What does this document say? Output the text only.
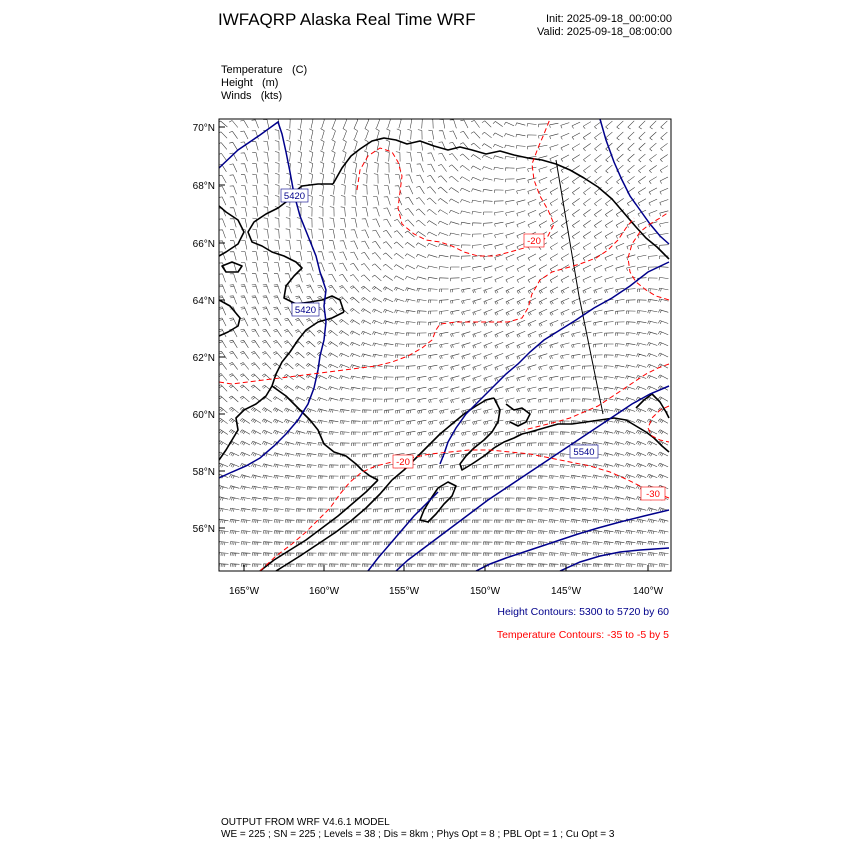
IWFAQRP Alaska Real Time WRF	Init: 2025-09-18_00:00:00
Valid: 2025-09-18_08:00:00
Temperature (C)
Height (m)
Winds (kts)
56°N
58°N
60°N
62°N
64°N
66°N
68°N
70°N
165°W	160°W	155°W	150°W	145°W	140°W
5420
5420
5540
-20
-20
-30
Height Contours: 5300 to 5720 by 60
Temperature Contours: -35 to -5 by 5
OUTPUT FROM WRF V4.6.1 MODEL
WE = 225 ; SN = 225 ; Levels = 38 ; Dis = 8km ; Phys Opt = 8 ; PBL Opt = 1 ; Cu Opt = 3
